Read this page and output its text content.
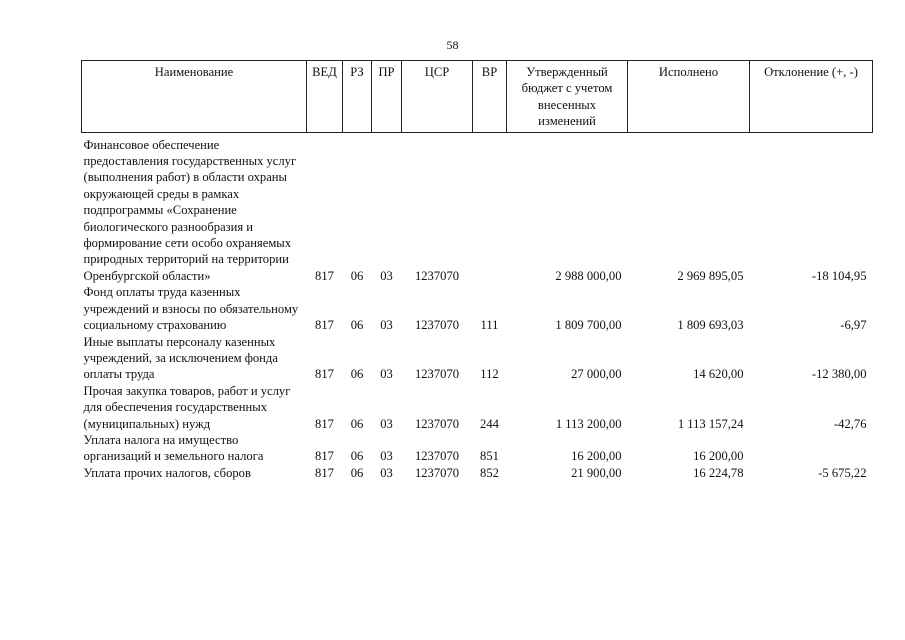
58
Наименование	ВЕД	РЗ	ПР	ЦСР	ВР	Утвержденный бюджет с учетом внесенных изменений	Исполнено	Отклонение (+, -)

Финансовое обеспечение предоставления государственных услуг (выполнения работ) в области охраны окружающей среды в рамках подпрограммы «Сохранение биологического разнообразия и формирование сети особо охраняемых природных территорий на территории Оренбургской области»	817	06	03	1237070		2 988 000,00	2 969 895,05	-18 104,95
Фонд оплаты труда казенных учреждений и взносы по обязательному социальному страхованию	817	06	03	1237070	111	1 809 700,00	1 809 693,03	-6,97
Иные выплаты персоналу казенных учреждений, за исключением фонда оплаты труда	817	06	03	1237070	112	27 000,00	14 620,00	-12 380,00
Прочая закупка товаров, работ и услуг для обеспечения государственных (муниципальных) нужд	817	06	03	1237070	244	1 113 200,00	1 113 157,24	-42,76
Уплата налога на имущество организаций и земельного налога	817	06	03	1237070	851	16 200,00	16 200,00	
Уплата прочих налогов, сборов	817	06	03	1237070	852	21 900,00	16 224,78	-5 675,22
